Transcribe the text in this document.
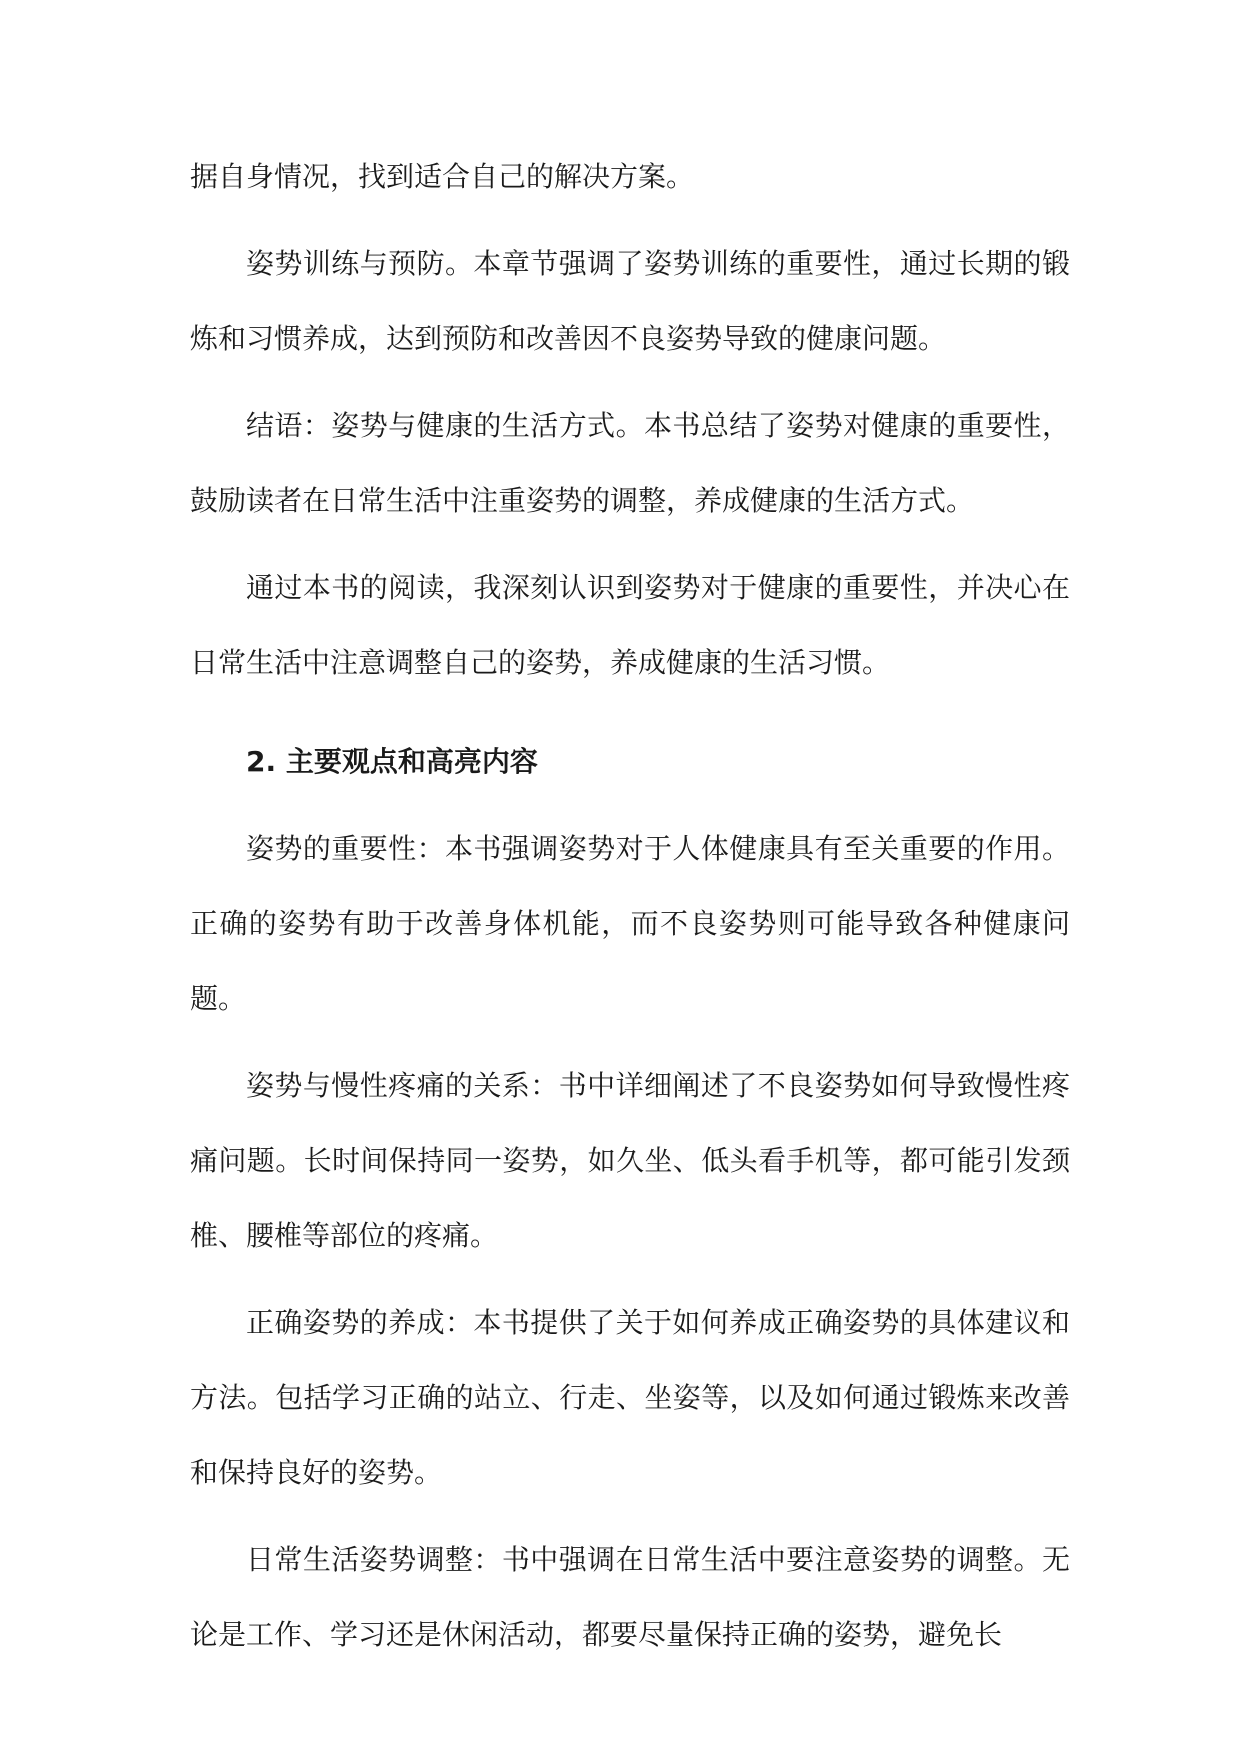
据自身情况，找到适合自己的解决方案。

姿势训练与预防。本章节强调了姿势训练的重要性，通过长期的锻炼和习惯养成，达到预防和改善因不良姿势导致的健康问题。

结语：姿势与健康的生活方式。本书总结了姿势对健康的重要性，鼓励读者在日常生活中注重姿势的调整，养成健康的生活方式。

通过本书的阅读，我深刻认识到姿势对于健康的重要性，并决心在日常生活中注意调整自己的姿势，养成健康的生活习惯。

2. 主要观点和高亮内容

姿势的重要性：本书强调姿势对于人体健康具有至关重要的作用。正确的姿势有助于改善身体机能，而不良姿势则可能导致各种健康问题。

姿势与慢性疼痛的关系：书中详细阐述了不良姿势如何导致慢性疼痛问题。长时间保持同一姿势，如久坐、低头看手机等，都可能引发颈椎、腰椎等部位的疼痛。

正确姿势的养成：本书提供了关于如何养成正确姿势的具体建议和方法。包括学习正确的站立、行走、坐姿等，以及如何通过锻炼来改善和保持良好的姿势。

日常生活姿势调整：书中强调在日常生活中要注意姿势的调整。无论是工作、学习还是休闲活动，都要尽量保持正确的姿势，避免长
